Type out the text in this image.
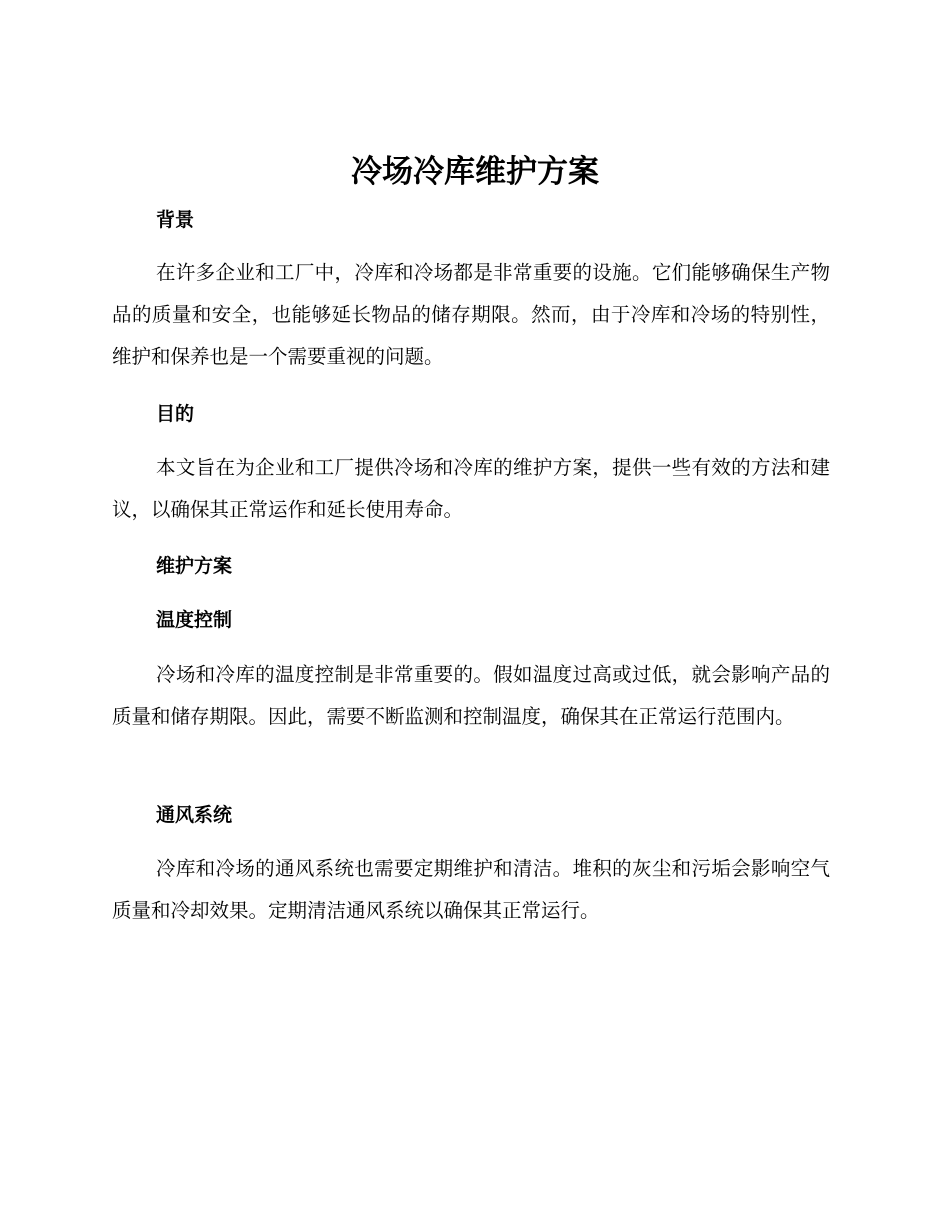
冷场冷库维护方案
背景

在许多企业和工厂中，冷库和冷场都是非常重要的设施。它们能够确保生产物品的质量和安全，也能够延长物品的储存期限。然而，由于冷库和冷场的特别性，维护和保养也是一个需要重视的问题。

目的

本文旨在为企业和工厂提供冷场和冷库的维护方案，提供一些有效的方法和建议，以确保其正常运作和延长使用寿命。

维护方案
温度控制

冷场和冷库的温度控制是非常重要的。假如温度过高或过低，就会影响产品的质量和储存期限。因此，需要不断监测和控制温度，确保其在正常运行范围内。

通风系统

冷库和冷场的通风系统也需要定期维护和清洁。堆积的灰尘和污垢会影响空气质量和冷却效果。定期清洁通风系统以确保其正常运行。
